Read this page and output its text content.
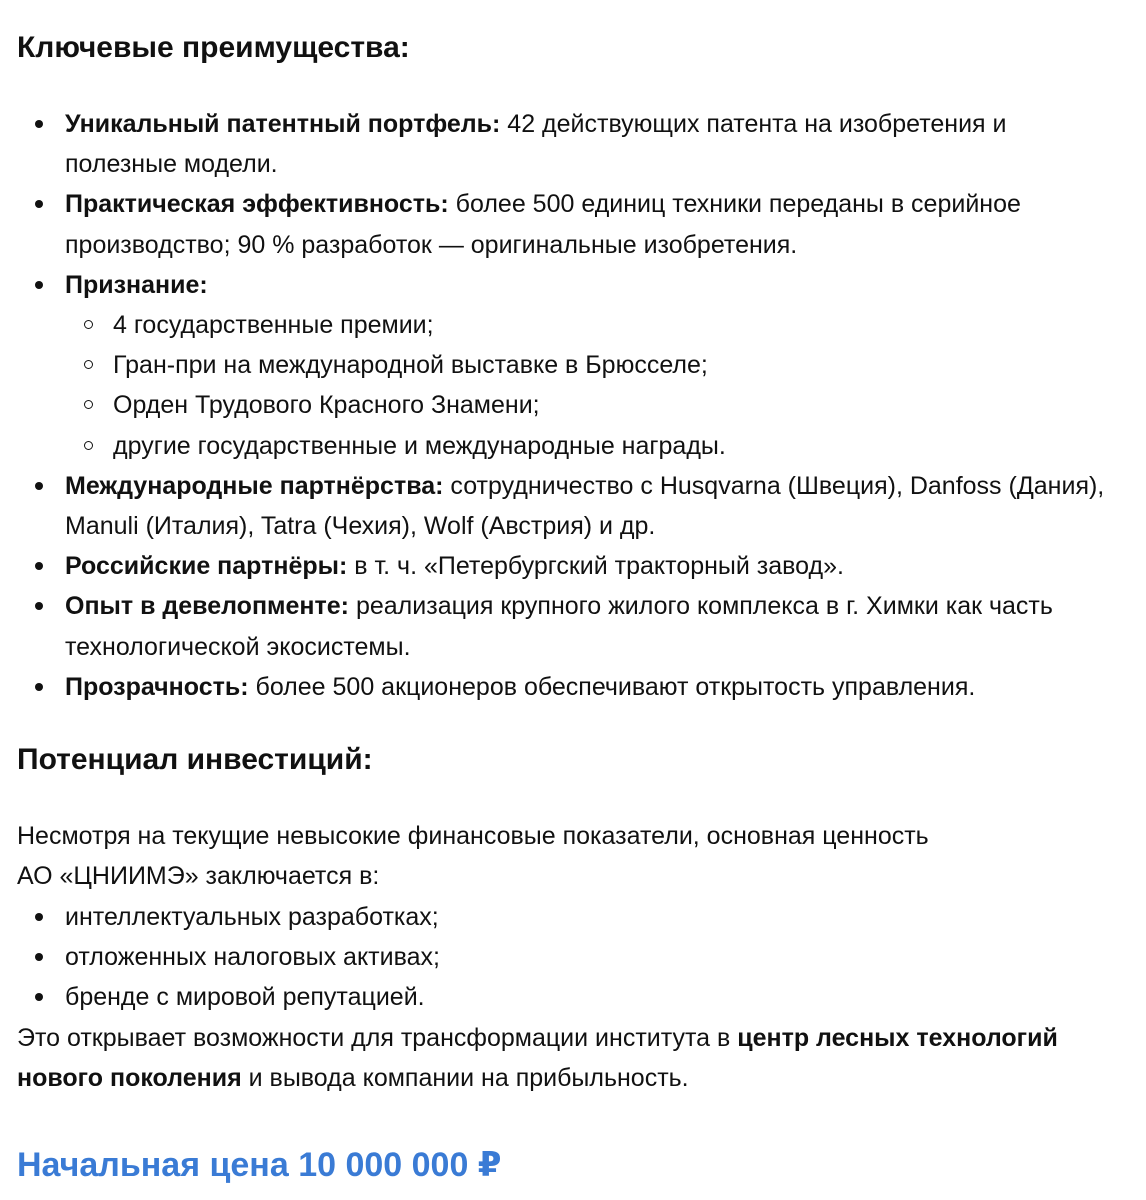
Ключевые преимущества:
Уникальный патентный портфель: 42 действующих патента на изобретения и полезные модели.
Практическая эффективность: более 500 единиц техники переданы в серийное производство; 90 % разработок — оригинальные изобретения.
Признание:
4 государственные премии;
Гран-при на международной выставке в Брюсселе;
Орден Трудового Красного Знамени;
другие государственные и международные награды.
Международные партнёрства: сотрудничество с Husqvarna (Швеция), Danfoss (Дания), Manuli (Италия), Tatra (Чехия), Wolf (Австрия) и др.
Российские партнёры: в т. ч. «Петербургский тракторный завод».
Опыт в девелопменте: реализация крупного жилого комплекса в г. Химки как часть технологической экосистемы.
Прозрачность: более 500 акционеров обеспечивают открытость управления.
Потенциал инвестиций:

Несмотря на текущие невысокие финансовые показатели, основная ценность
АО «ЦНИИМЭ» заключается в:

интеллектуальных разработках;
отложенных налоговых активах;
бренде с мировой репутацией.

Это открывает возможности для трансформации института в центр лесных технологий нового поколения и вывода компании на прибыльность.

Начальная цена 10 000 000 ₽
